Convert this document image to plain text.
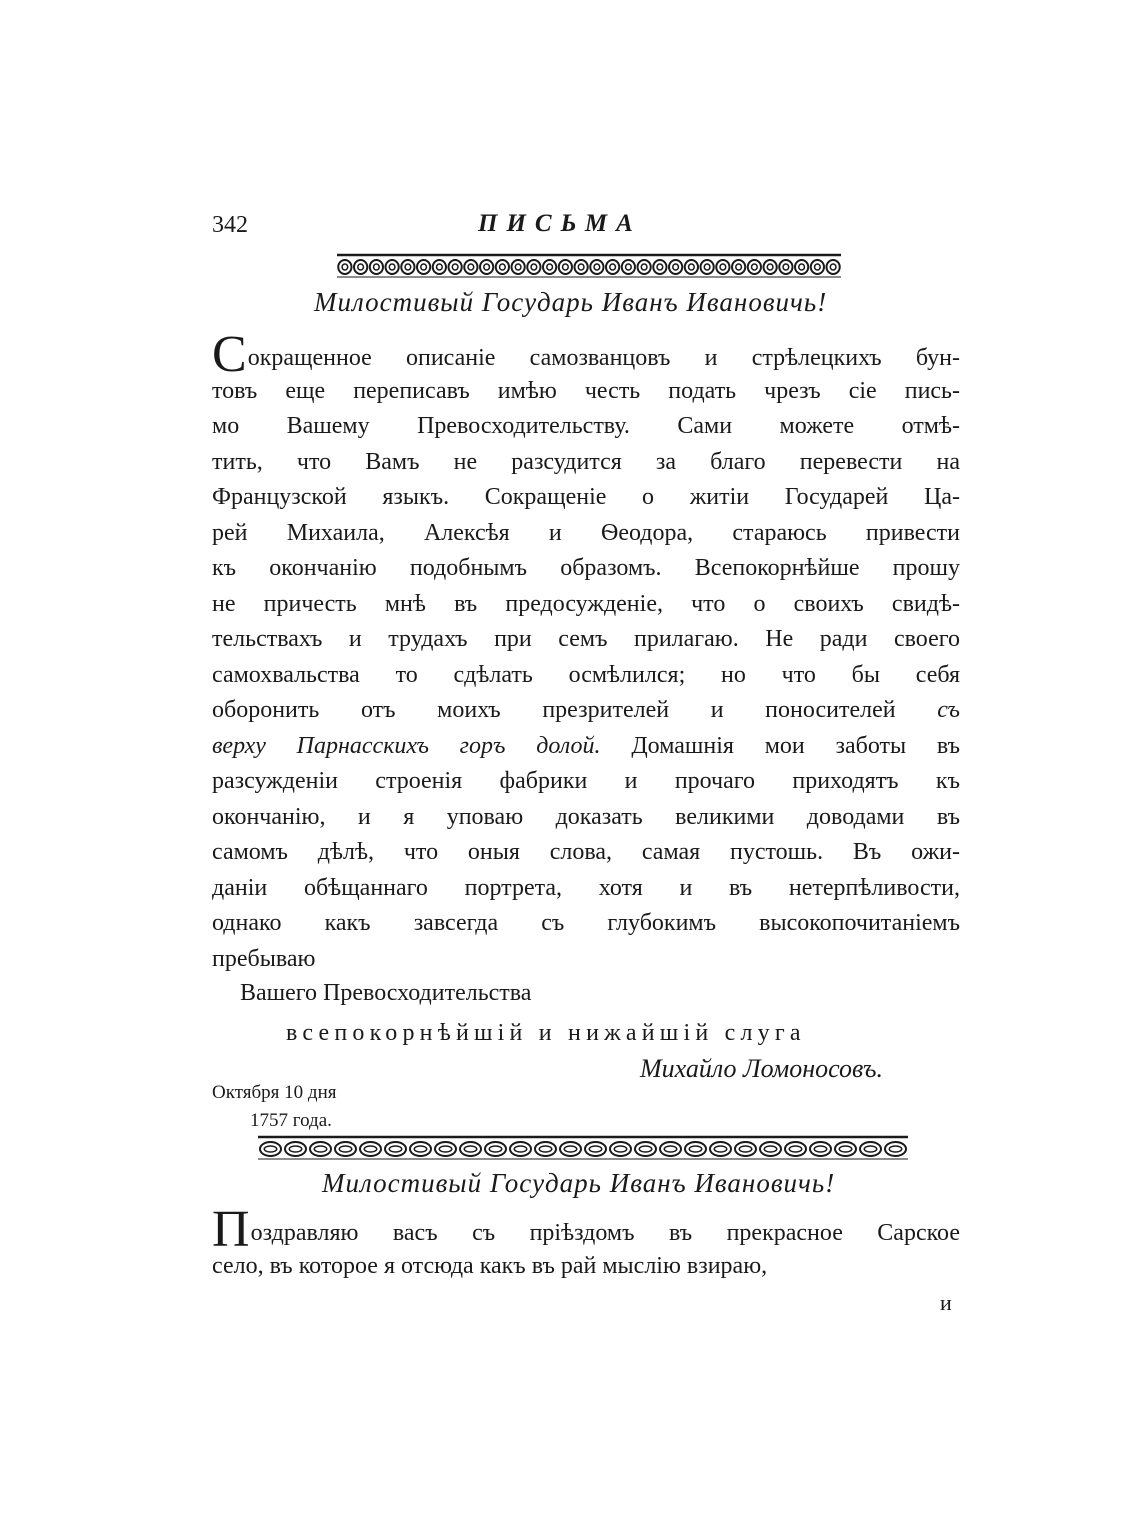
342	ПИСЬМА
Милостивый Государь Иванъ Ивановичь!
Сокращенное описаніе самозванцовъ и стрѣлецкихъ бун-
товъ еще переписавъ имѣю честь подать чрезъ сіе пись-
мо Вашему Превосходительству. Сами можете отмѣ-
тить, что Вамъ не разсудится за благо перевести на
Французской языкъ. Сокращеніе о житіи Государей Ца-
рей Михаила, Алексѣя и Ѳеодора, стараюсь привести
къ окончанію подобнымъ образомъ. Всепокорнѣйше прошу
не причесть мнѣ въ предосужденіе, что о своихъ свидѣ-
тельствахъ и трудахъ при семъ прилагаю. Не ради своего
самохвальства то сдѣлать осмѣлился; но что бы себя
оборонить отъ моихъ презрителей и поносителей съ
верху Парнасскихъ горъ долой. Домашнія мои заботы въ
разсужденіи строенія фабрики и прочаго приходятъ къ
окончанію, и я уповаю доказать великими доводами въ
самомъ дѣлѣ, что оныя слова, самая пустошь. Въ ожи-
даніи обѣщаннаго портрета, хотя и въ нетерпѣливости,
однако какъ завсегда съ глубокимъ высокопочитаніемъ
пребываю
Вашего Превосходительства
всепокорнѣйшій и нижайшій слуга
Михайло Ломоносовъ.
Октября 10 дня
1757 года.
Милостивый Государь Иванъ Ивановичь!
Поздравляю васъ съ пріѣздомъ въ прекрасное Сарское
село, въ которое я отсюда какъ въ рай мыслію взираю,
и
